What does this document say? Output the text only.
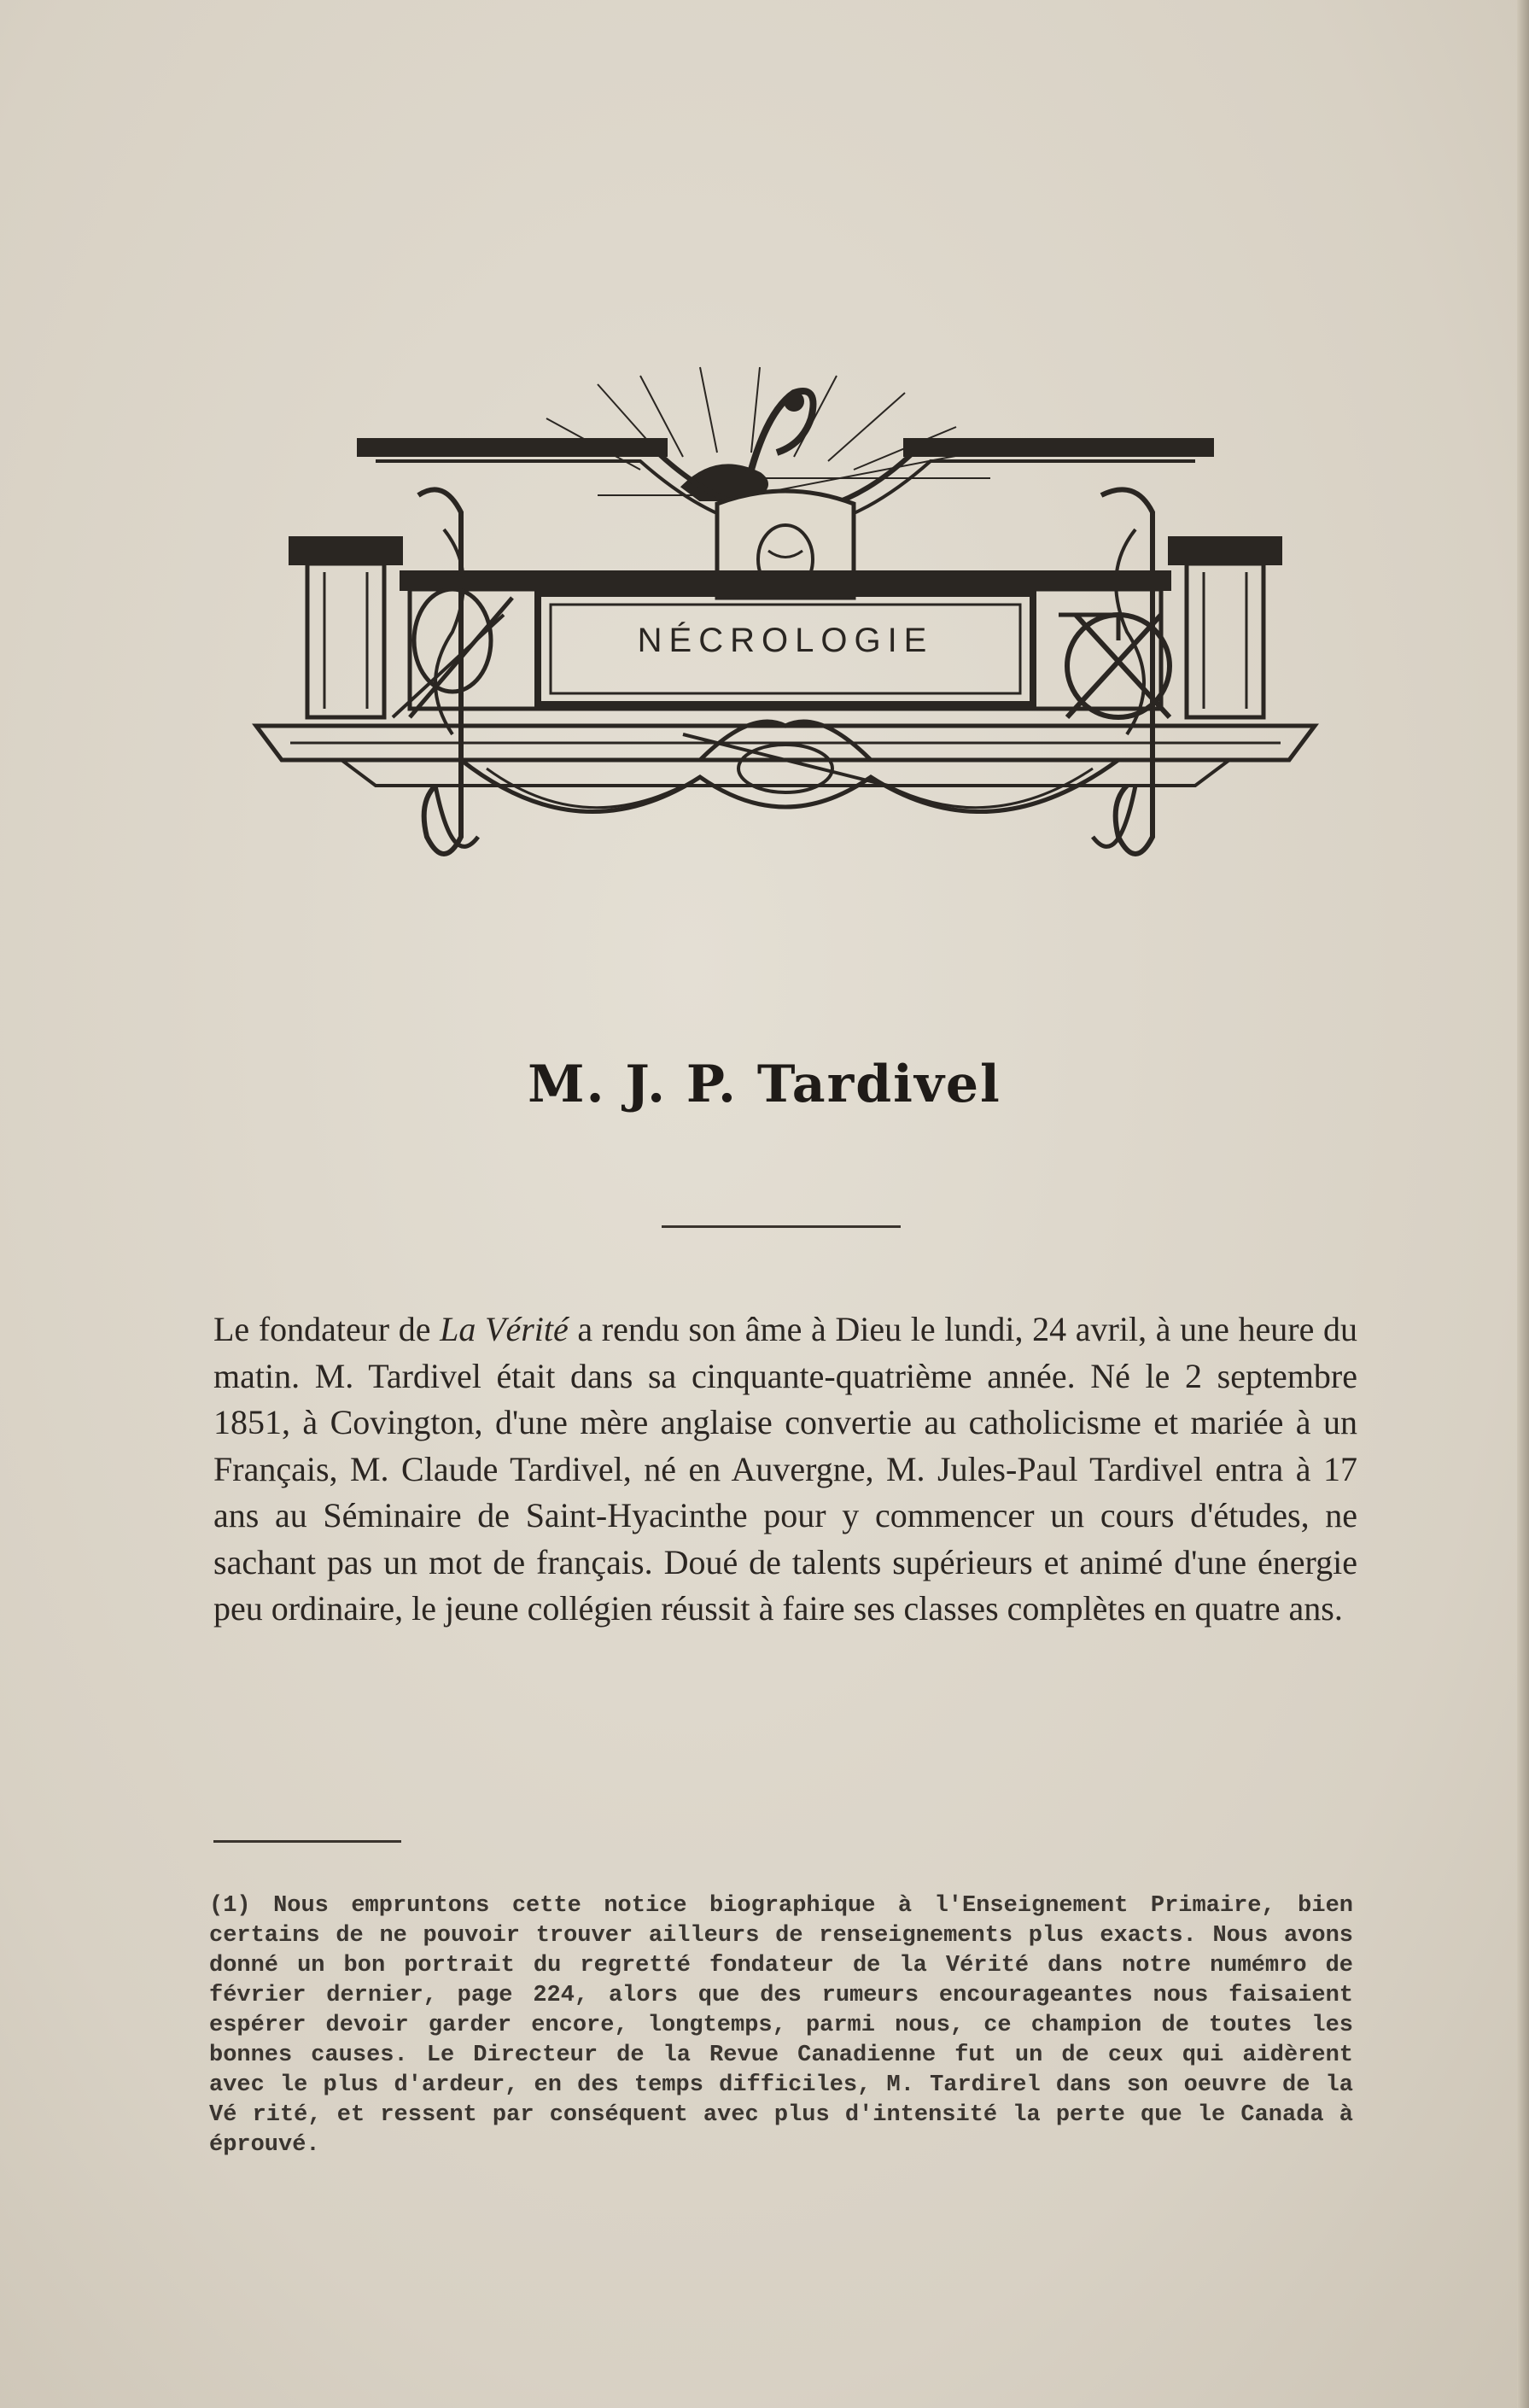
NÉCROLOGIE
M. J. P. Tardivel

Le fondateur de La Vérité a rendu son âme à Dieu le lundi, 24 avril, à une heure du matin. M. Tardivel était dans sa cinquante-quatrième année. Né le 2 septembre 1851, à Covington, d'une mère anglaise convertie au catholicisme et mariée à un Français, M. Claude Tardivel, né en Auvergne, M. Jules-Paul Tardivel entra à 17 ans au Séminaire de Saint-Hyacinthe pour y commencer un cours d'études, ne sachant pas un mot de français. Doué de talents supérieurs et animé d'une énergie peu ordinaire, le jeune collégien réussit à faire ses classes complètes en quatre ans.

(1) Nous empruntons cette notice biographique à l'Enseignement Primaire, bien certains de ne pouvoir trouver ailleurs de renseignements plus exacts. Nous avons donné un bon portrait du regretté fondateur de la Vérité dans notre numémro de février dernier, page 224, alors que des rumeurs encourageantes nous faisaient espérer devoir garder encore, longtemps, parmi nous, ce champion de toutes les bonnes causes. Le Directeur de la Revue Canadienne fut un de ceux qui aidèrent avec le plus d'ardeur, en des temps difficiles, M. Tardirel dans son oeuvre de la Vé rité, et ressent par conséquent avec plus d'intensité la perte que le Canada à éprouvé.
